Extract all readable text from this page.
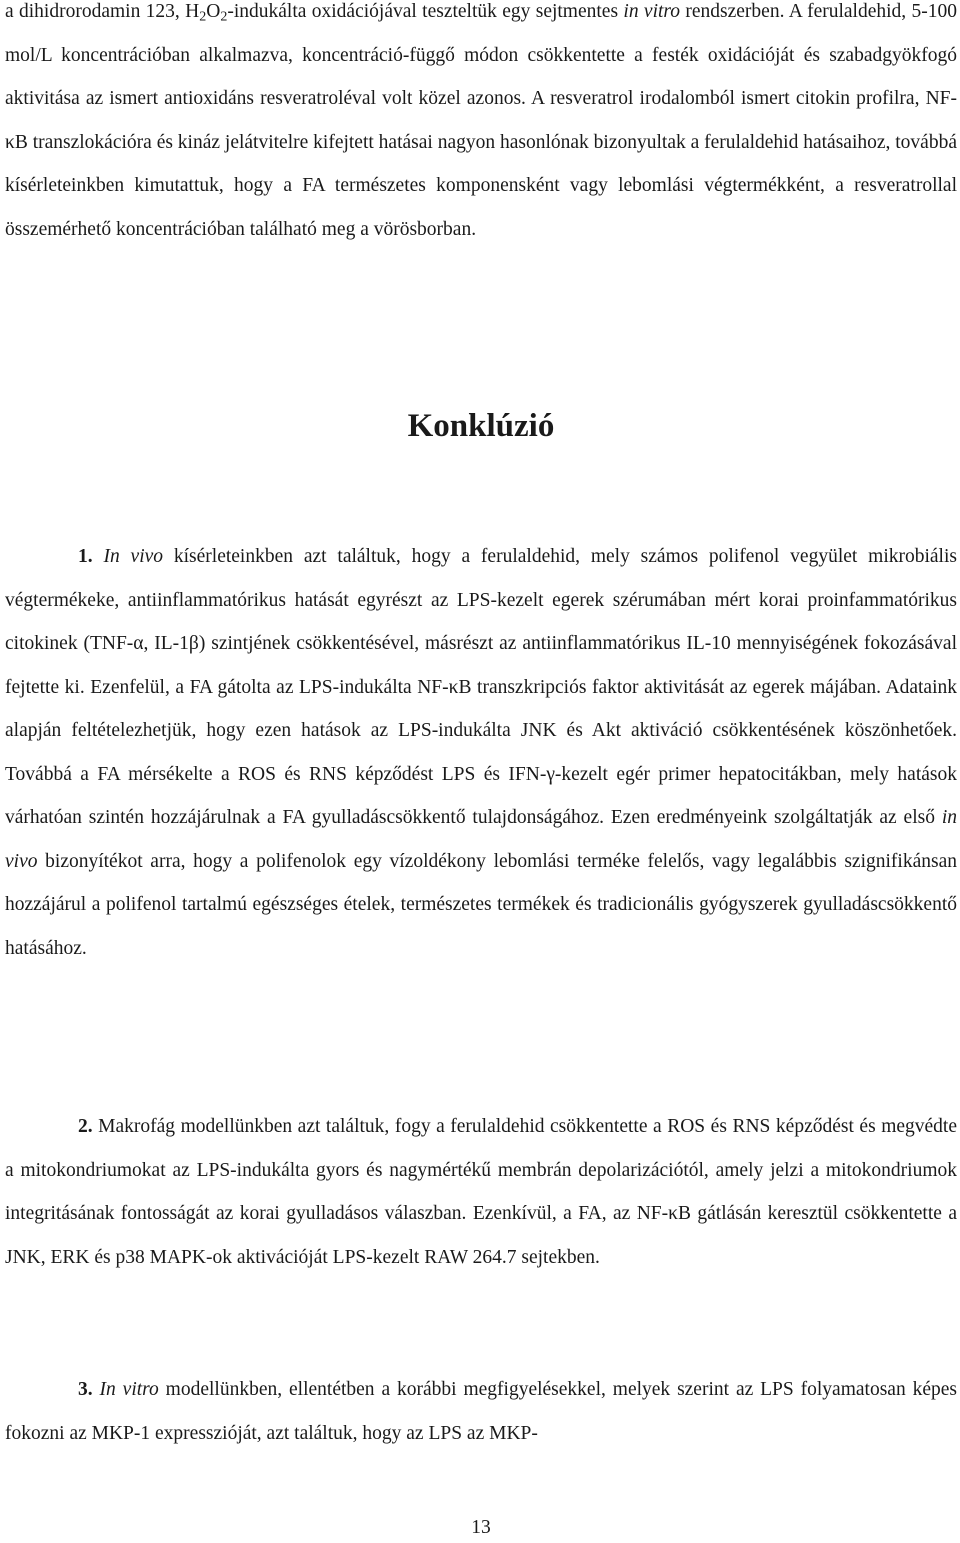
a dihidrorodamin 123, $H_2O_2$-indukálta oxidációjával teszteltük egy sejtmentes in vitro rendszerben. A ferulaldehid, 5-100 mol/L koncentrációban alkalmazva, koncentráció-függő módon csökkentette a festék oxidációját és szabadgyökfogó aktivitása az ismert antioxidáns resveratroléval volt közel azonos. A resveratrol irodalomból ismert citokin profilra, NF-κB transzlokációra és kináz jelátvitelre kifejtett hatásai nagyon hasonlónak bizonyultak a ferulaldehid hatásaihoz, továbbá kísérleteinkben kimutattuk, hogy a FA természetes komponensként vagy lebomlási végtermékként, a resveratrollal összemérhető koncentrációban található meg a vörösborban.

Konklúzió

1. In vivo kísérleteinkben azt találtuk, hogy a ferulaldehid, mely számos polifenol vegyület mikrobiális végtermékeke, antiinflammatórikus hatását egyrészt az LPS-kezelt egerek szérumában mért korai proinfammatórikus citokinek (TNF-α, IL-1β) szintjének csökkentésével, másrészt az antiinflammatórikus IL-10 mennyiségének fokozásával fejtette ki. Ezenfelül, a FA gátolta az LPS-indukálta NF-κB transzkripciós faktor aktivitását az egerek májában. Adataink alapján feltételezhetjük, hogy ezen hatások az LPS-indukálta JNK és Akt aktiváció csökkentésének köszönhetőek. Továbbá a FA mérsékelte a ROS és RNS képződést LPS és IFN-γ-kezelt egér primer hepatocitákban, mely hatások várhatóan szintén hozzájárulnak a FA gyulladáscsökkentő tulajdonságához. Ezen eredményeink szolgáltatják az első in vivo bizonyítékot arra, hogy a polifenolok egy vízoldékony lebomlási terméke felelős, vagy legalábbis szignifikánsan hozzájárul a polifenol tartalmú egészséges ételek, természetes termékek és tradicionális gyógyszerek gyulladáscsökkentő hatásához.

2. Makrofág modellünkben azt találtuk, fogy a ferulaldehid csökkentette a ROS és RNS képződést és megvédte a mitokondriumokat az LPS-indukálta gyors és nagymértékű membrán depolarizációtól, amely jelzi a mitokondriumok integritásának fontosságát az korai gyulladásos válaszban. Ezenkívül, a FA, az NF-κB gátlásán keresztül csökkentette a JNK, ERK és p38 MAPK-ok aktivációját LPS-kezelt RAW 264.7 sejtekben.

3. In vitro modellünkben, ellentétben a korábbi megfigyelésekkel, melyek szerint az LPS folyamatosan képes fokozni az MKP-1 expresszióját, azt találtuk, hogy az LPS az MKP-

13
